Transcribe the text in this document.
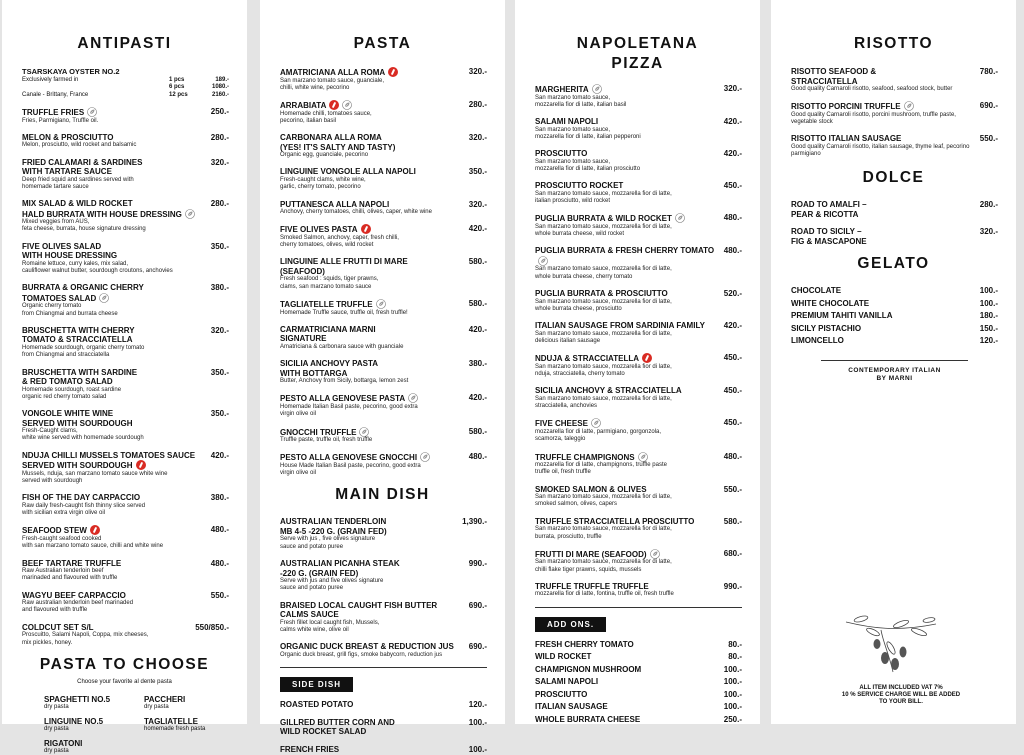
ANTIPASTI
TSARSKAYA OYSTER NO.2
Exclusively farmed in	1 pcs	189.-
6 pcs	1080.-
Canale - Brittany, France	12 pcs	2160.-
TRUFFLE FRIES	250.-
Fries, Parmigiano, Truffle oil.
MELON & PROSCIUTTO	280.-
Melon, prosciutto, wild rocket and balsamic
FRIED CALAMARI & SARDINES
WITH TARTARE SAUCE
320.-
Deep fried squid and sardines served with
homemade tartare sauce
MIX SALAD & WILD ROCKET
HALD BURRATA WITH HOUSE DRESSING
280.-
Mixed veggies from AUS,
feta cheese, burrata, house signature dressing
FIVE OLIVES SALAD
WITH HOUSE DRESSING
350.-
Romaine lettuce, curry kales, mix salad,
cauliflower walnut butter, sourdough croutons, anchovies
BURRATA & ORGANIC CHERRY
TOMATOES SALAD
380.-
Organic cherry tomato
from Chiangmai and burrata cheese
BRUSCHETTA WITH CHERRY
TOMATO & STRACCIATELLA
320.-
Homemade sourdough, organic cherry tomato
from Chiangmai and stracciatella
BRUSCHETTA WITH SARDINE
& RED TOMATO SALAD
350.-
Homemade sourdough, roast sardine
organic red cherry tomato salad
VONGOLE WHITE WINE
SERVED WITH SOURDOUGH
350.-
Fresh-Caught clams,
white wine served with homemade sourdough
NDUJA CHILLI MUSSELS TOMATOES SAUCE
SERVED WITH SOURDOUGH
420.-
Mussels, nduja, san marzano tomato sauce white wine
served with sourdough
FISH OF THE DAY CARPACCIO	380.-
Raw daily fresh-caught fish thinny slice served
with sicilian extra virgin olive oil
SEAFOOD STEW	480.-
Fresh-caught seafood cooked
with san marzano tomato sauce, chilli and white wine
BEEF TARTARE TRUFFLE	480.-
Raw Australian tenderloin beef
marinaded and flavoured with truffle
WAGYU BEEF CARPACCIO	550.-
Raw australian tenderloin beef marinaded
and flavoured with truffle
COLDCUT SET S/L	550/850.-
Proscuitto, Salami Napoli, Coppa, mix cheeses,
mix pickles, honey.
PASTA TO CHOOSE
Choose your favorite al dente pasta
SPAGHETTI NO.5
dry pasta
PACCHERI
dry pasta
LINGUINE NO.5
dry pasta
TAGLIATELLE
homemade fresh pasta
RIGATONI
dry pasta
PASTA
AMATRICIANA ALLA ROMA	320.-
San marzano tomato sauce, guanciale,
chilli, white wine, pecorino
ARRABIATA	280.-
Homemade chilli, tomatoes sauce,
pecorino, italian basil
CARBONARA ALLA ROMA
(YES! IT'S SALTY AND TASTY)
320.-
Organic egg, guanciale, pecorino
LINGUINE VONGOLE ALLA NAPOLI	350.-
Fresh-caught clams, white wine,
garlic, cherry tomato, pecorino
PUTTANESCA ALLA NAPOLI	320.-
Anchovy, cherry tomatoes, chilli, olives, caper, white wine
FIVE OLIVES PASTA	420.-
Smoked Salmon, anchovy, caper, fresh chilli,
cherry tomatoes, olives, wild rocket
LINGUINE ALLE FRUTTI DI MARE
(SEAFOOD)
580.-
Fresh seafood : squids, tiger prawns,
clams, san marzano tomato sauce
TAGLIATELLE TRUFFLE	580.-
Homemade Truffle sauce, truffle oil, fresh truffle!
CARMATRICIANA MARNI
SIGNATURE
420.-
Amatriciana & carbonara sauce with guanciale
SICILIA ANCHOVY PASTA
WITH BOTTARGA
380.-
Butter, Anchovy from Sicily, bottarga, lemon zest
PESTO ALLA GENOVESE PASTA	420.-
Homemade Italian Basil paste, pecorino, good extra
virgin olive oil
GNOCCHI TRUFFLE	580.-
Truffle paste, truffle oil, fresh truffle
PESTO ALLA GENOVESE GNOCCHI	480.-
House Made Italian Basil paste, pecorino, good extra
virgin olive oil
MAIN DISH
AUSTRALIAN TENDERLOIN
MB 4-5 -220 G. (GRAIN FED)
1,390.-
Serve with jus , five olives signature
sauce and potato puree
AUSTRALIAN PICANHA STEAK
-220 G. (GRAIN FED)
990.-
Serve with jus and five olives signature
sauce and potato puree
BRAISED LOCAL CAUGHT FISH BUTTER
CALMS SAUCE
690.-
Fresh fillet local caught fish, Mussels,
calms white wine, olive oil
ORGANIC DUCK BREAST & REDUCTION JUS	690.-
Organic duck breast, grill figs, smoke babycorn, reduction jus
SIDE DISH
ROASTED POTATO	120.-
GILLRED BUTTER CORN AND
WILD ROCKET SALAD
100.-
FRENCH FRIES	100.-
NAPOLETANA
PIZZA
MARGHERITA	320.-
San marzano tomato sauce,
mozzarella fior di latte, italian basil
SALAMI NAPOLI	420.-
San marzano tomato sauce,
mozzarella fior di latte, italian pepperoni
PROSCIUTTO	420.-
San marzano tomato sauce,
mozzarella fior di latte, italian prosciutto
PROSCIUTTO ROCKET	450.-
San marzano tomato sauce, mozzarella fior di latte,
italian prosciutto, wild rocket
PUGLIA BURRATA & WILD ROCKET	480.-
San marzano tomato sauce, mozzarella fior di latte,
whole burrata cheese, wild rocket
PUGLIA BURRATA & FRESH CHERRY TOMATO	480.-
San marzano tomato sauce, mozzarella fior di latte,
whole burrata cheese, cherry tomato
PUGLIA BURRATA & PROSCIUTTO	520.-
San marzano tomato sauce, mozzarella fior di latte,
whole burrata cheese, prosciutto
ITALIAN SAUSAGE FROM SARDINIA FAMILY	420.-
San marzano tomato sauce, mozzarella fior di latte,
delicious italian sausage
NDUJA & STRACCIATELLA	450.-
San marzano tomato sauce, mozzarella fior di latte,
nduja, stracciatella, cherry tomato
SICILIA ANCHOVY & STRACCIATELLA	450.-
San marzano tomato sauce, mozzarella fior di latte,
stracciatella, anchovies
FIVE CHEESE	450.-
mozzarella fior di latte, parmigiano, gorgonzola,
scamorza, taleggio
TRUFFLE CHAMPIGNONS	480.-
mozzarella fior di latte, champignons, truffle paste
truffle oil, fresh truffle
SMOKED SALMON & OLIVES	550.-
San marzano tomato sauce, mozzarella fior di latte,
smoked salmon, olives, capers
TRUFFLE STRACCIATELLA PROSCIUTTO	580.-
San marzano tomato sauce, mozzarella fior di latte,
burrata, prosciutto, truffle
FRUTTI DI MARE (SEAFOOD)	680.-
San marzano tomato sauce, mozzarella fior di latte,
chilli flake tiger prawns, squids, mussels
TRUFFLE TRUFFLE TRUFFLE	990.-
mozzarella fior di latte, fontina, truffle oil, fresh truffle
ADD ONS.
FRESH CHERRY TOMATO	80.-
WILD ROCKET	80.-
CHAMPIGNON MUSHROOM	100.-
SALAMI NAPOLI	100.-
PROSCIUTTO	100.-
ITALIAN SAUSAGE	100.-
WHOLE BURRATA CHEESE	250.-
RISOTTO
RISOTTO SEAFOOD &
STRACCIATELLA
780.-
Good quality Carnaroli risotto, seafood, seafood stock, butter
RISOTTO PORCINI TRUFFLE	690.-
Good quality Carnaroli risotto, porcini mushroom, truffle paste,
vegetable stock
RISOTTO ITALIAN SAUSAGE	550.-
Good quality Carnaroli risotto, italian sausage, thyme leaf, pecorino
parmigiano
DOLCE
ROAD TO AMALFI –
PEAR & RICOTTA
280.-
ROAD TO SICILY –
FIG & MASCAPONE
320.-
GELATO
CHOCOLATE	100.-
WHITE CHOCOLATE	100.-
PREMIUM TAHITI VANILLA	180.-
SICILY PISTACHIO	150.-
LIMONCELLO	120.-
CONTEMPORARY ITALIAN
BY MARNI
ALL ITEM INCLUDED VAT 7%
10 % SERVICE CHARGE WILL BE ADDED
TO YOUR BILL.
